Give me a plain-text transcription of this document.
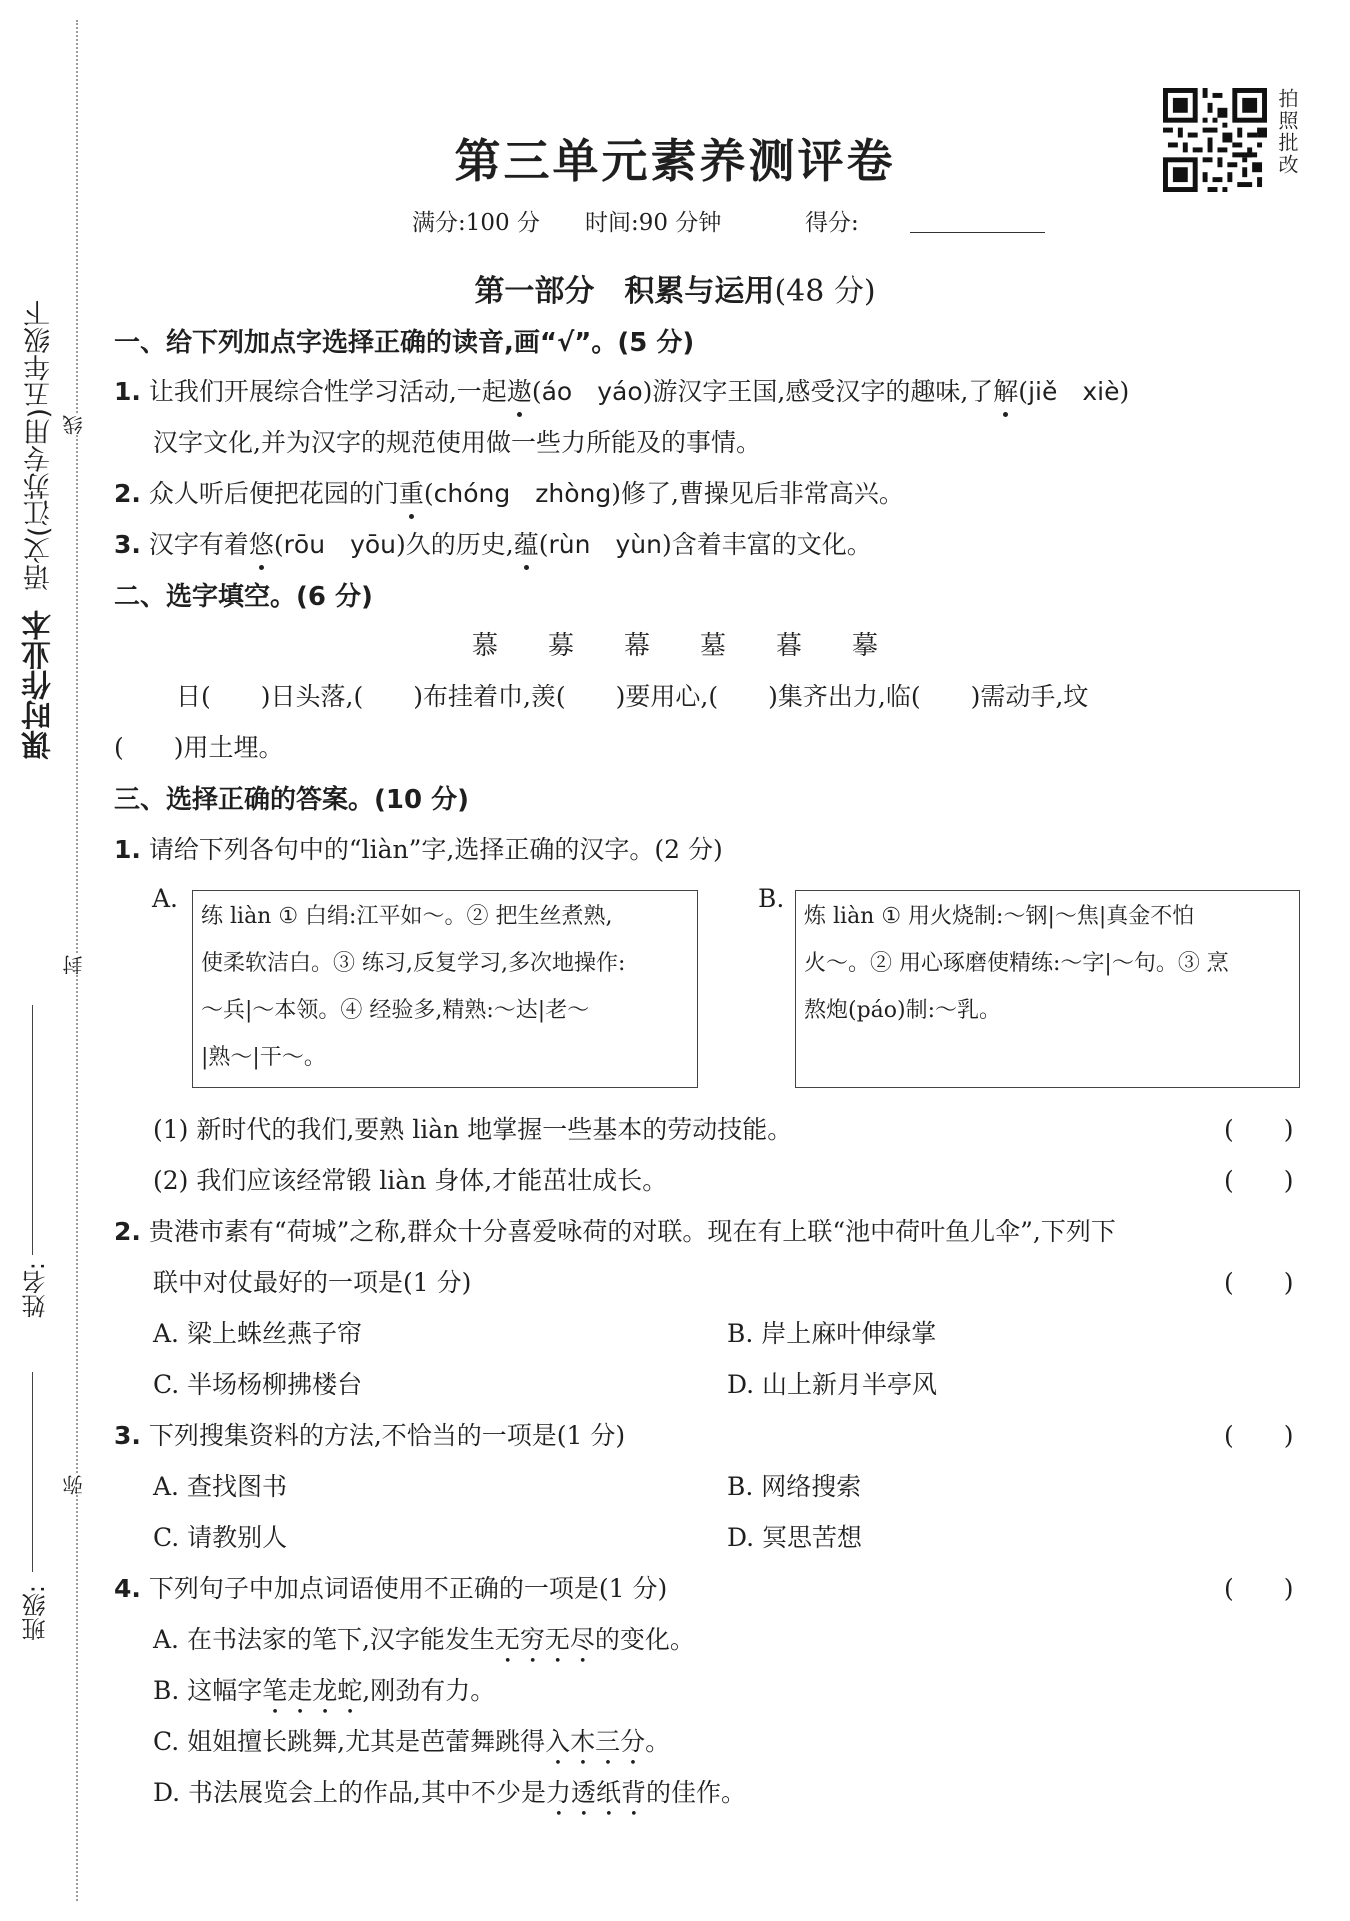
课时作业本 语文(江苏专用)五年级下 线
封
弥
姓名:
班级:
拍照批改
第三单元素养测评卷
满分:100 分 时间:90 分钟	得分:
第一部分　积累与运用(48 分)
一、给下列加点字选择正确的读音,画“√”。(5 分)
1. 让我们开展综合性学习活动,一起遨(áo　yáo)游汉字王国,感受汉字的趣味,了解(jiě　xiè)
汉字文化,并为汉字的规范使用做一些力所能及的事情。
2. 众人听后便把花园的门重(chóng　zhòng)修了,曹操见后非常高兴。
3. 汉字有着悠(rōu　yōu)久的历史,蕴(rùn　yùn)含着丰富的文化。
二、选字填空。(6 分)
慕 募 幕 墓 暮 摹
日(　　)日头落,(　　)布挂着巾,羡(　　)要用心,(　　)集齐出力,临(　　)需动手,坟
(　　)用土埋。
三、选择正确的答案。(10 分)
1. 请给下列各句中的“liàn”字,选择正确的汉字。(2 分)
A.
练 liàn ① 白绢:江平如～。② 把生丝煮熟,
使柔软洁白。③ 练习,反复学习,多次地操作:
～兵|～本领。④ 经验多,精熟:～达|老～
|熟～|干～。
B.
炼 liàn ① 用火烧制:～钢|～焦|真金不怕
火～。② 用心琢磨使精练:～字|～句。③ 烹
熬炮(páo)制:～乳。
(1) 新时代的我们,要熟 liàn 地掌握一些基本的劳动技能。	(　　)
(2) 我们应该经常锻 liàn 身体,才能茁壮成长。	(　　)
2. 贵港市素有“荷城”之称,群众十分喜爱咏荷的对联。现在有上联“池中荷叶鱼儿伞”,下列下
联中对仗最好的一项是(1 分)	(　　)
A. 梁上蛛丝燕子帘	B. 岸上麻叶伸绿掌
C. 半场杨柳拂楼台	D. 山上新月半亭风
3. 下列搜集资料的方法,不恰当的一项是(1 分)	(　　)
A. 查找图书	B. 网络搜索
C. 请教别人	D. 冥思苦想
4. 下列句子中加点词语使用不正确的一项是(1 分)	(　　)
A. 在书法家的笔下,汉字能发生无穷无尽的变化。
B. 这幅字笔走龙蛇,刚劲有力。
C. 姐姐擅长跳舞,尤其是芭蕾舞跳得入木三分。
D. 书法展览会上的作品,其中不少是力透纸背的佳作。
